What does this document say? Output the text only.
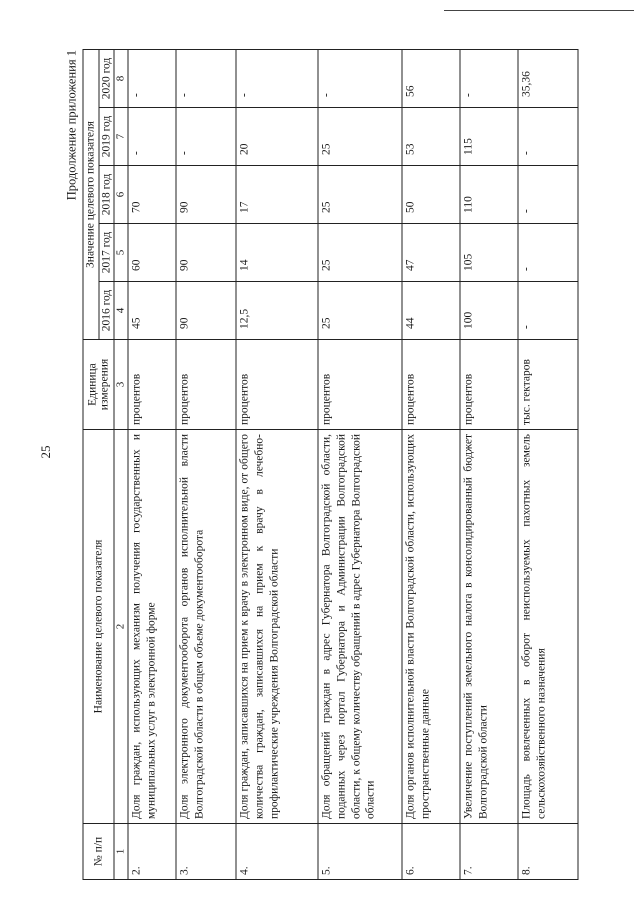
25
Продолжение приложения 1
№ п/п	Наименование целевого показателя	Единица измерения	Значение целевого показателя				
			2016 год	2017 год	2018 год	2019 год	2020 год
1	2	3	4	5	6	7	8
2.	Доля граждан, использующих механизм получения государственных и муниципальных услуг в электронной форме	процентов	45	60	70	-	-
3.	Доля электронного документооборота органов исполнительной власти Волгоградской области в общем объеме документооборота	процентов	90	90	90	-	-
4.	Доля граждан, записавшихся на прием к врачу в электронном виде, от общего количества граждан, записавшихся на прием к врачу в лечебно-профилактические учреждения Волгоградской области	процентов	12,5	14	17	20	-
5.	Доля обращений граждан в адрес Губернатора Волгоградской области, поданных через портал Губернатора и Администрации Волгоградской области, к общему количеству обращений в адрес Губернатора Волгоградской области	процентов	25	25	25	25	-
6.	Доля органов исполнительной власти Волгоградской области, использующих пространственные данные	процентов	44	47	50	53	56
7.	Увеличение поступлений земельного налога в консолидированный бюджет Волгоградской области	процентов	100	105	110	115	-
8.	Площадь вовлеченных в оборот неиспользуемых пахотных земель сельскохозяйственного назначения	тыс. гектаров	-	-	-	-	35,36
